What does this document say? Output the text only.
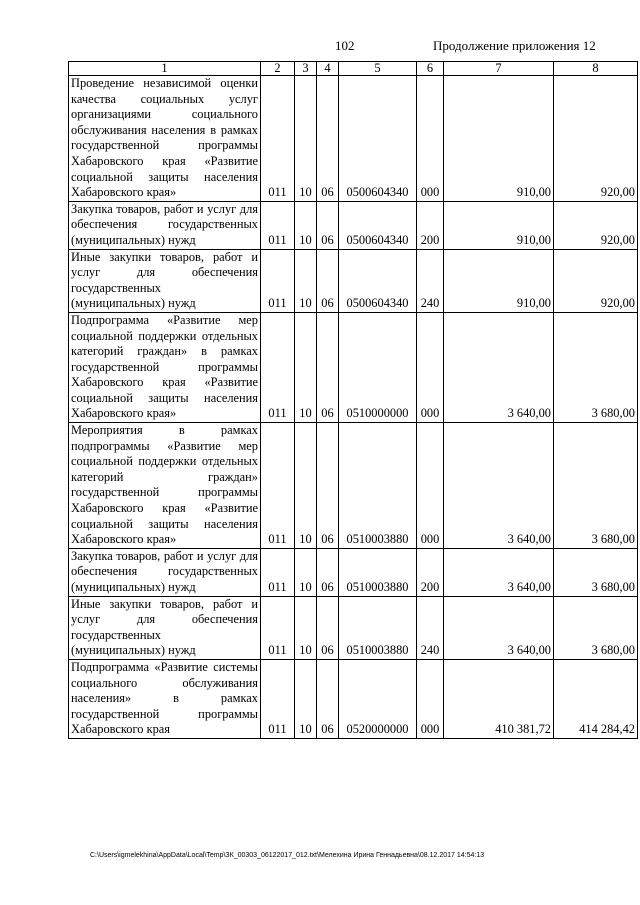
102	Продолжение приложения 12
1	2	3	4	5	6	7	8
Проведение независимой оценки качества социальных услуг организациями социального обслуживания населения в рамках государственной программы Хабаровского края «Развитие социальной защиты населения Хабаровского края»	011	10	06	0500604340	000	910,00	920,00
Закупка товаров, работ и услуг для обеспечения государственных (муниципальных) нужд	011	10	06	0500604340	200	910,00	920,00
Иные закупки товаров, работ и услуг для обеспечения государственных (муниципальных) нужд	011	10	06	0500604340	240	910,00	920,00
Подпрограмма «Развитие мер социальной поддержки отдельных категорий граждан» в рамках государственной программы Хабаровского края «Развитие социальной защиты населения Хабаровского края»	011	10	06	0510000000	000	3 640,00	3 680,00
Мероприятия в рамках подпрограммы «Развитие мер социальной поддержки отдельных категорий граждан» государственной программы Хабаровского края «Развитие социальной защиты населения Хабаровского края»	011	10	06	0510003880	000	3 640,00	3 680,00
Закупка товаров, работ и услуг для обеспечения государственных (муниципальных) нужд	011	10	06	0510003880	200	3 640,00	3 680,00
Иные закупки товаров, работ и услуг для обеспечения государственных (муниципальных) нужд	011	10	06	0510003880	240	3 640,00	3 680,00
Подпрограмма «Развитие системы социального обслуживания населения» в рамках государственной программы Хабаровского края	011	10	06	0520000000	000	410 381,72	414 284,42
C:\Users\igmelekhina\AppData\Local\Temp\ЗК_00303_06122017_012.txt\Мелехина Ирина Геннадьевна\08.12.2017 14:54:13
